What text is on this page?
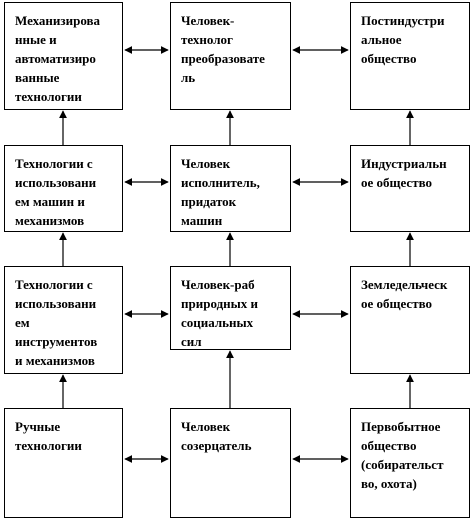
Механизирова
нные и
автоматизиро
ванные
технологии
Человек-
технолог
преобразовате
ль
Постиндустри
альное
общество
Технологии с
использовани
ем машин и
механизмов
Человек
исполнитель,
придаток
машин
Индустриальн
ое общество
Технологии с
использовани
ем
инструментов
и механизмов
Человек-раб
природных и
социальных
сил
Земледельческ
ое общество
Ручные
технологии
Человек
созерцатель
Первобытное
общество
(собирательст
во, охота)
